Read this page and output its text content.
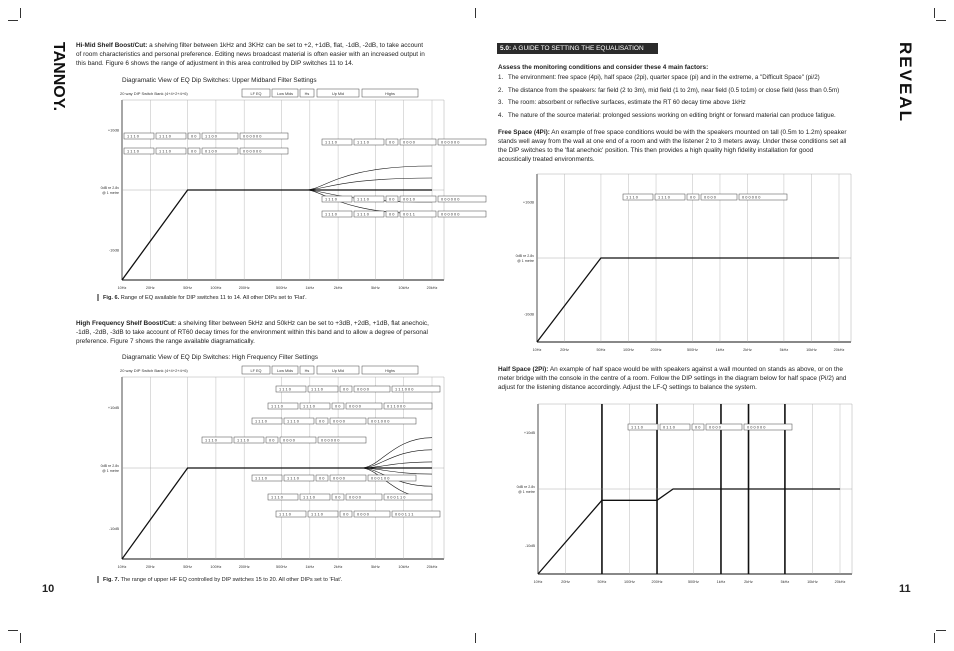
TANNOY. Hi-Mid Shelf Boost/Cut: a shelving filter between 1kHz and 3KHz can be set to +2, +1dB, flat, -1dB, -2dB, to take account
of room characteristics and personal preference. Editing news broadcast material is often easier with an increased output in
this band. Figure 6 shows the range of adjustment in this area controlled by DIP switches 11 to 14.
Diagramatic View of EQ Dip Switches: Upper Midband Filter Settings
20 way DIP Switch Bank (4+4+2+4+6)	LF EQ	Low Mids	Hs	Up Mid	Highs
10Hz	20Hz	50Hz	100Hz	200Hz	500Hz	1kHz	2kHz	5kHz	10kHz	20kHz
+10dB
0dB re 2.8v
@ 1 metre
-10dB
1 1 1 0	1 1 1 0	0 0 1 1 0 0	0 0 0 0 0 0
1 1 1 0	1 1 1 0	0 0 0 1 0 0	0 0 0 0 0 0
1 1 1 0	1 1 1 0	0 0 0 0 0 0	0 0 0 0 0 0
1 1 1 0	1 1 1 0	0 0 0 0 1 0	0 0 0 0 0 0
1 1 1 0	1 1 1 0	0 0 0 0 1 1	0 0 0 0 0 0
Fig. 6. Range of EQ available for DIP switches 11 to 14. All other DIPs set to 'Flat'.
High Frequency Shelf Boost/Cut: a shelving filter between 5kHz and 50kHz can be set to +3dB, +2dB, +1dB, flat anechoic,
-1dB, -2dB, -3dB to take account of RT60 decay times for the environment within this band and to allow a degree of personal
preference. Figure 7 shows the range available diagramatically.
Diagramatic View of EQ Dip Switches: High Frequency Filter Settings
20 way DIP Switch Bank (4+4+2+4+6)	LF EQ	Low Mids	Hs	Up Mid	Highs
10Hz	20Hz	50Hz	100Hz	200Hz	500Hz	1kHz	2kHz	5kHz	10kHz	20kHz
+10dB
0dB re 2.8v
@ 1 metre
-10dB
1 1 1 0	1 1 1 0	0 0 0 0 0 0	1 1 1 0 0 0
1 1 1 0	1 1 1 0	0 0 0 0 0 0	0 1 1 0 0 0
1 1 1 0	1 1 1 0	0 0 0 0 0 0	0 0 1 0 0 0
1 1 1 0	1 1 1 0	0 0 0 0 0 0	0 0 0 0 0 0
1 1 1 0	1 1 1 0	0 0 0 0 0 0	0 0 0 1 0 0
1 1 1 0	1 1 1 0	0 0 0 0 0 0	0 0 0 1 1 0
1 1 1 0	1 1 1 0	0 0 0 0 0 0	0 0 0 1 1 1
Fig. 7. The range of upper HF EQ controlled by DIP switches 15 to 20. All other DIPs set to 'Flat'.
10
REVEAL
5.0: A GUIDE TO SETTING THE EQUALISATION
Assess the monitoring conditions and consider these 4 main factors:
1. The environment: free space (4pi), half space (2pi), quarter space (pi) and in the extreme, a "Difficult Space" (pi/2)
2. The distance from the speakers: far field (2 to 3m), mid field (1 to 2m), near field (0.5 to1m) or close field (less than 0.5m)
3. The room: absorbent or reflective surfaces, estimate the RT 60 decay time above 1kHz
4. The nature of the source material: prolonged sessions working on editing bright or forward material can produce fatigue.
Free Space (4Pi): An example of free space conditions would be with the speakers mounted on tall (0.5m to 1.2m) speaker
stands well away from the wall at one end of a room and with the listener 2 to 3 meters away. Under these conditions set all
the DIP switches to the 'flat anechoic' position. This then provides a high quality high fidelity installation for good
acoustically treated environments.
10Hz	20Hz	50Hz	100Hz	200Hz	500Hz	1kHz	2kHz	5kHz	10kHz	20kHz
+10dB
0dB re 2.8v
@ 1 metre
-10dB
1 1 1 0	1 1 1 0	0 0 0 0 0 0	0 0 0 0 0 0
Half Space (2Pi): An example of half space would be with speakers against a wall mounted on stands as above, or on the
meter bridge with the console in the centre of a room. Follow the DIP settings in the diagram below for half space (Pi/2) and
adjust for the listening distance accordingly. Adjust the LF-Q settings to balance the system.
10Hz	20Hz	50Hz	100Hz	200Hz	500Hz	1kHz	2kHz	5kHz	10kHz	20kHz
+10dB
0dB re 2.8v
@ 1 metre
-10dB
1 1 1 0	0 1 1 0	0 0 0 0 0 0	0 0 0 0 0 0
11
